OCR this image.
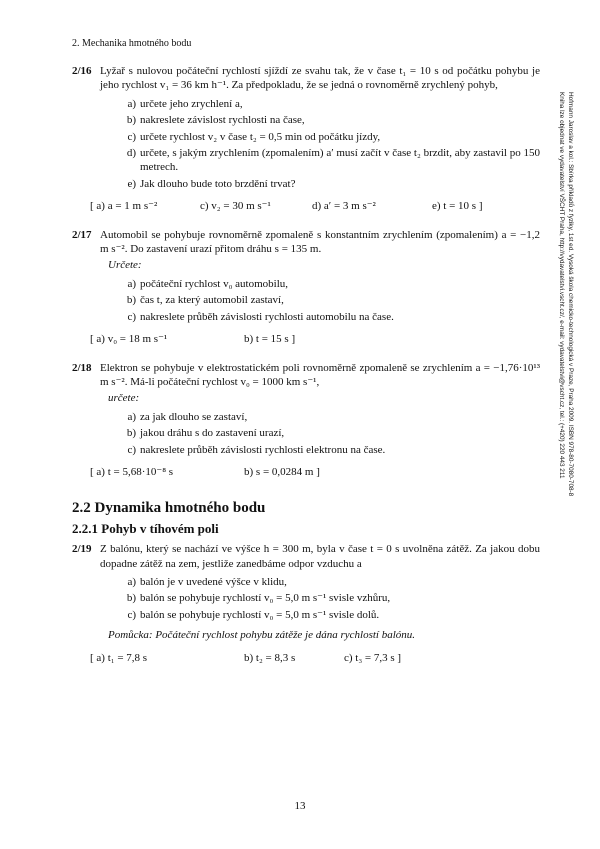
2. Mechanika hmotného bodu
Hofmann Jaroslav a kol.: Sbírka příkladů z fyziky, 1st ed. Vysoká škola chemicko-technologická v Praze, Praha 2009. ISBN 978-80-7080-708-8
Kniha lze objednat ve vydavatelství VŠCHT Praha, http://vydavatelstvi.vscht.cz/, e-mail: vydavatelstvi@vscht.cz, tel.: (+420) 220 443 211
2/16 Lyžař s nulovou počáteční rychlostí sjíždí ze svahu tak, že v čase t₁ = 10 s od počátku pohybu je jeho rychlost v₁ = 36 km h⁻¹. Za předpokladu, že se jedná o rovnoměrně zrychlený pohyb,
a) určete jeho zrychlení a,
b) nakreslete závislost rychlosti na čase,
c) určete rychlost v₂ v čase t₂ = 0,5 min od počátku jízdy,
d) určete, s jakým zrychlením (zpomalením) a′ musí začít v čase t₂ brzdit, aby zastavil po 150 metrech.
e) Jak dlouho bude toto brzdění trvat?
[ a) a = 1 m s⁻²	c) v₂ = 30 m s⁻¹	d) a′ = 3 m s⁻²	e) t = 10 s ]
2/17 Automobil se pohybuje rovnoměrně zpomaleně s konstantním zrychlením (zpomalením) a = −1,2 m s⁻². Do zastavení urazí přitom dráhu s = 135 m.
Určete:
a) počáteční rychlost v₀ automobilu,
b) čas t, za který automobil zastaví,
c) nakreslete průběh závislosti rychlosti automobilu na čase.
[ a) v₀ = 18 m s⁻¹	b) t = 15 s ]
2/18 Elektron se pohybuje v elektrostatickém poli rovnoměrně zpomaleně se zrychlením a = −1,76·10¹³ m s⁻². Má-li počáteční rychlost v₀ = 1000 km s⁻¹,
určete:
a) za jak dlouho se zastaví,
b) jakou dráhu s do zastavení urazí,
c) nakreslete průběh závislosti rychlosti elektronu na čase.
[ a) t = 5,68·10⁻⁸ s	b) s = 0,0284 m ]
2.2 Dynamika hmotného bodu
2.2.1 Pohyb v tíhovém poli
2/19 Z balónu, který se nachází ve výšce h = 300 m, byla v čase t = 0 s uvolněna zátěž. Za jakou dobu dopadne zátěž na zem, jestliže zanedbáme odpor vzduchu a
a) balón je v uvedené výšce v klidu,
b) balón se pohybuje rychlostí v₀ = 5,0 m s⁻¹ svisle vzhůru,
c) balón se pohybuje rychlostí v₀ = 5,0 m s⁻¹ svisle dolů.
Pomůcka: Počáteční rychlost pohybu zátěže je dána rychlostí balónu.
[ a) t₁ = 7,8 s	b) t₂ = 8,3 s	c) t₃ = 7,3 s ]
13
